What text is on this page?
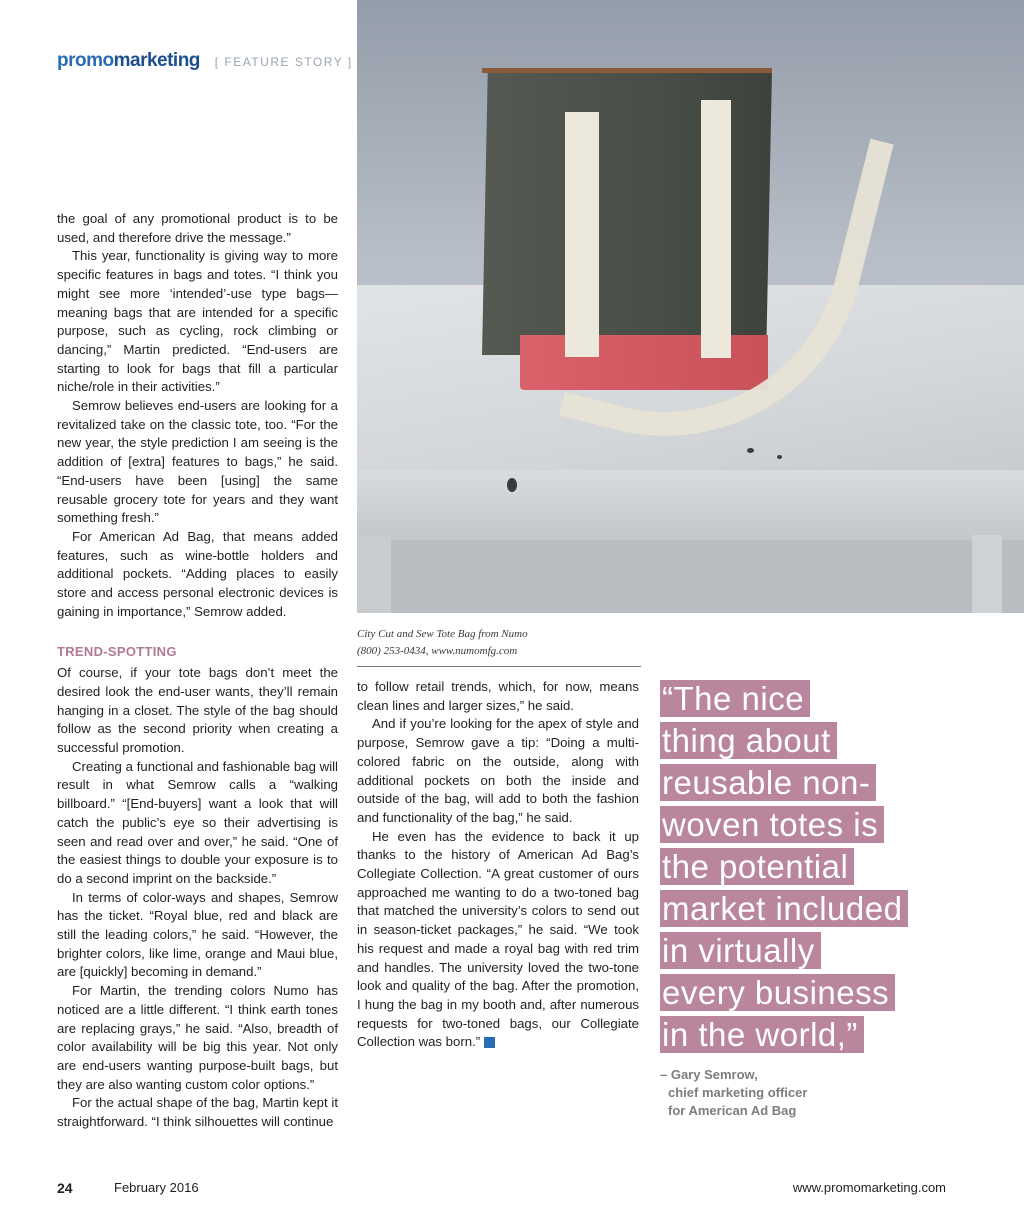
promomarketing [ FEATURE STORY ]
City Cut and Sew Tote Bag from Numo
(800) 253-0434, www.numomfg.com

the goal of any promotional product is to be used, and therefore drive the message.”

This year, functionality is giving way to more specific features in bags and totes. “I think you might see more ‘intended’-use type bags—meaning bags that are intended for a specific purpose, such as cycling, rock climbing or dancing,” Martin predicted. “End-users are starting to look for bags that fill a particular niche/role in their activities.”

Semrow believes end-users are looking for a revitalized take on the classic tote, too. “For the new year, the style prediction I am seeing is the addition of [extra] features to bags,” he said. “End-users have been [using] the same reusable grocery tote for years and they want something fresh.”

For American Ad Bag, that means added features, such as wine-bottle holders and additional pockets. “Adding places to easily store and access personal electronic devices is gaining in importance,” Semrow added.

TREND-SPOTTING

Of course, if your tote bags don’t meet the desired look the end-user wants, they’ll remain hanging in a closet. The style of the bag should follow as the second priority when creating a successful promotion.

Creating a functional and fashionable bag will result in what Semrow calls a “walking billboard.” “[End-buyers] want a look that will catch the public’s eye so their advertising is seen and read over and over,” he said. “One of the easiest things to double your exposure is to do a second imprint on the backside.”

In terms of color-ways and shapes, Semrow has the ticket. “Royal blue, red and black are still the leading colors,” he said. “However, the brighter colors, like lime, orange and Maui blue, are [quickly] becoming in demand.”

For Martin, the trending colors Numo has noticed are a little different. “I think earth tones are replacing grays,” he said. “Also, breadth of color availability will be big this year. Not only are end-users wanting purpose-built bags, but they are also wanting custom color options.”

For the actual shape of the bag, Martin kept it straightforward. “I think silhouettes will continue

to follow retail trends, which, for now, means clean lines and larger sizes,” he said.

And if you’re looking for the apex of style and purpose, Semrow gave a tip: “Doing a multi-colored fabric on the outside, along with additional pockets on both the inside and outside of the bag, will add to both the fashion and functionality of the bag,” he said.

He even has the evidence to back it up thanks to the history of American Ad Bag’s Collegiate Collection. “A great customer of ours approached me wanting to do a two-toned bag that matched the university’s colors to send out in season-ticket packages,” he said. “We took his request and made a royal bag with red trim and handles. The university loved the two-tone look and quality of the bag. After the promotion, I hung the bag in my booth and, after numerous requests for two-toned bags, our Collegiate Collection was born.”

“The nice
thing about
reusable non-
woven totes is
the potential
market included
in virtually
every business
in the world,”
– Gary Semrow,
chief marketing officer
for American Ad Bag
24	February 2016	www.promomarketing.com
